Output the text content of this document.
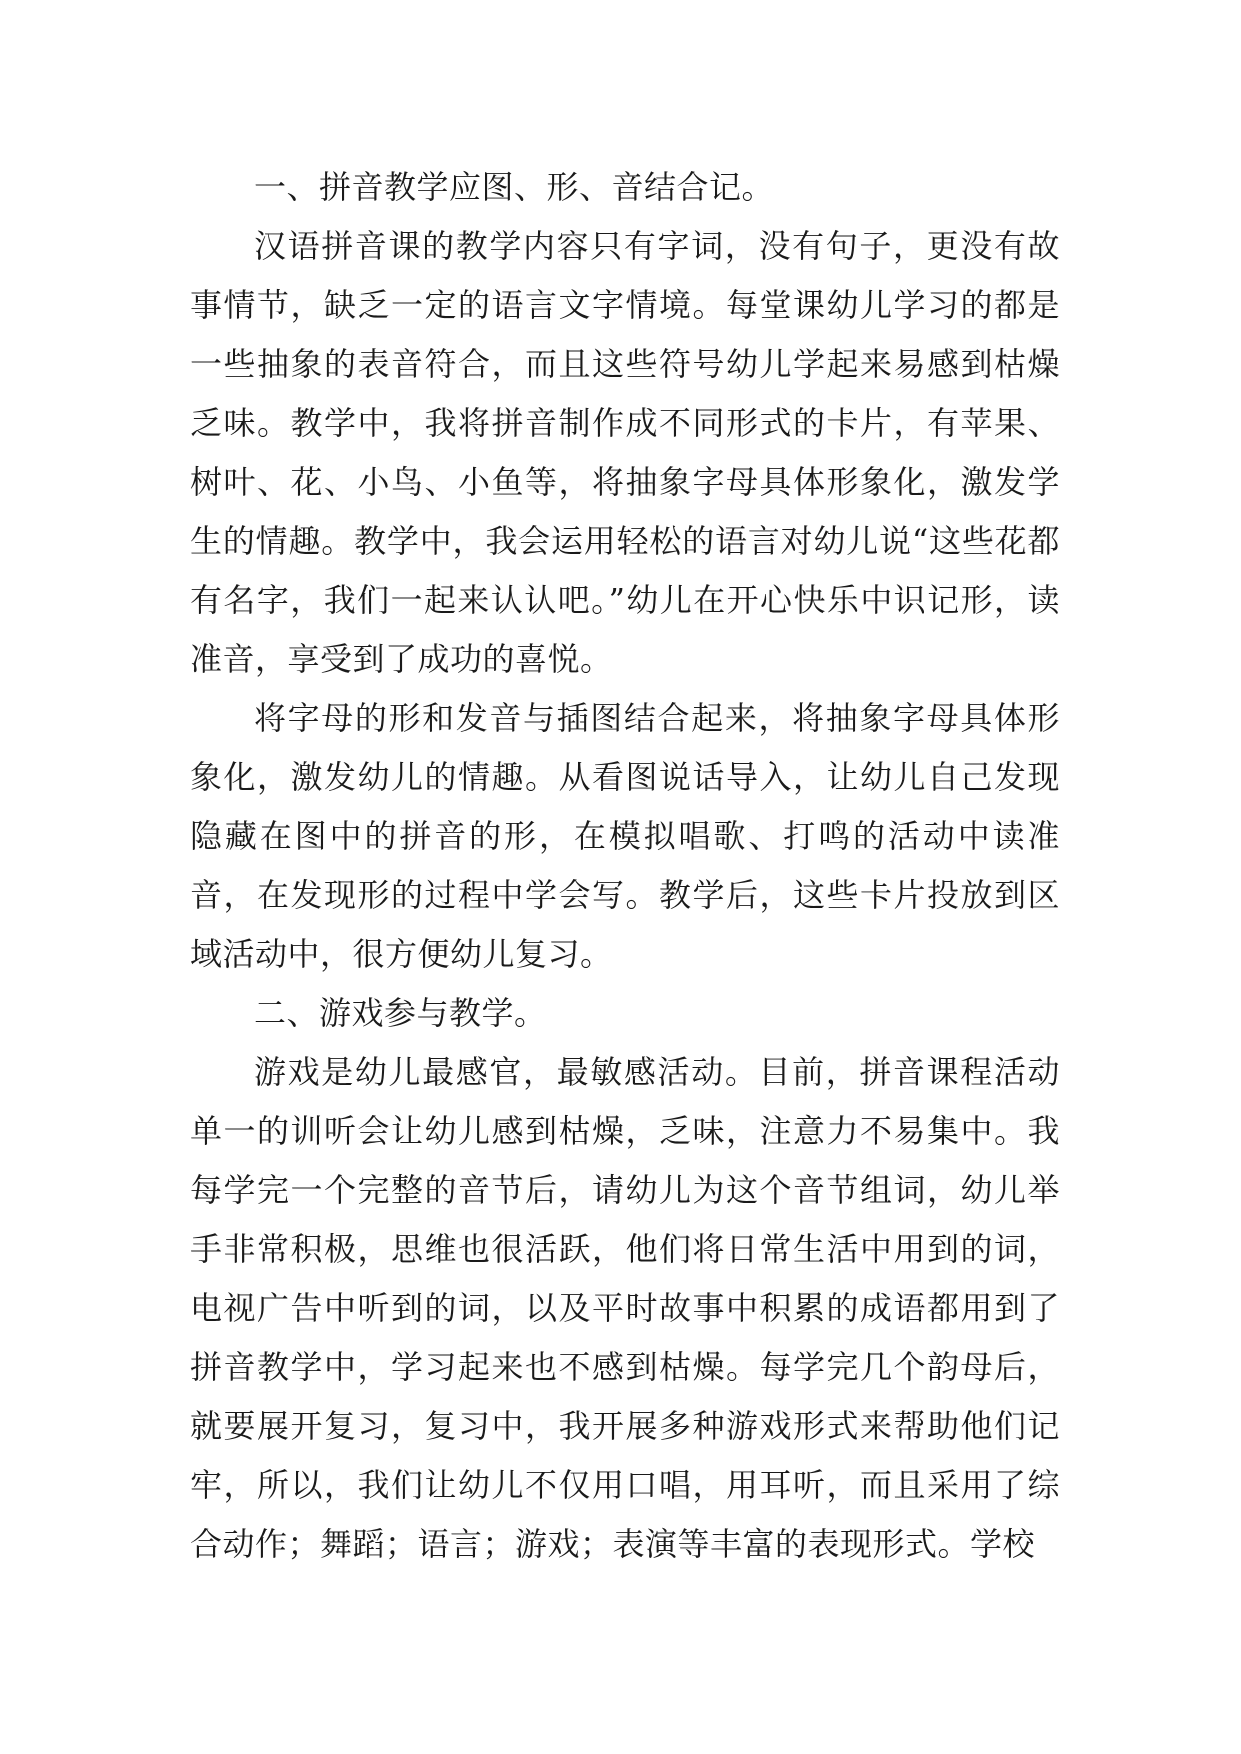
一、拼音教学应图、形、音结合记。

汉语拼音课的教学内容只有字词，没有句子，更没有故事情节，缺乏一定的语言文字情境。每堂课幼儿学习的都是一些抽象的表音符合，而且这些符号幼儿学起来易感到枯燥乏味。教学中，我将拼音制作成不同形式的卡片，有苹果、树叶、花、小鸟、小鱼等，将抽象字母具体形象化，激发学生的情趣。教学中，我会运用轻松的语言对幼儿说“这些花都有名字，我们一起来认认吧。”幼儿在开心快乐中识记形，读准音，享受到了成功的喜悦。

将字母的形和发音与插图结合起来，将抽象字母具体形象化，激发幼儿的情趣。从看图说话导入，让幼儿自己发现隐藏在图中的拼音的形，在模拟唱歌、打鸣的活动中读准音，在发现形的过程中学会写。教学后，这些卡片投放到区域活动中，很方便幼儿复习。

二、游戏参与教学。

游戏是幼儿最感官，最敏感活动。目前，拼音课程活动单一的训听会让幼儿感到枯燥，乏味，注意力不易集中。我每学完一个完整的音节后，请幼儿为这个音节组词，幼儿举手非常积极，思维也很活跃，他们将日常生活中用到的词，电视广告中听到的词，以及平时故事中积累的成语都用到了拼音教学中，学习起来也不感到枯燥。每学完几个韵母后，就要展开复习，复习中，我开展多种游戏形式来帮助他们记牢，所以，我们让幼儿不仅用口唱，用耳听，而且采用了综合动作；舞蹈；语言；游戏；表演等丰富的表现形式。学校
